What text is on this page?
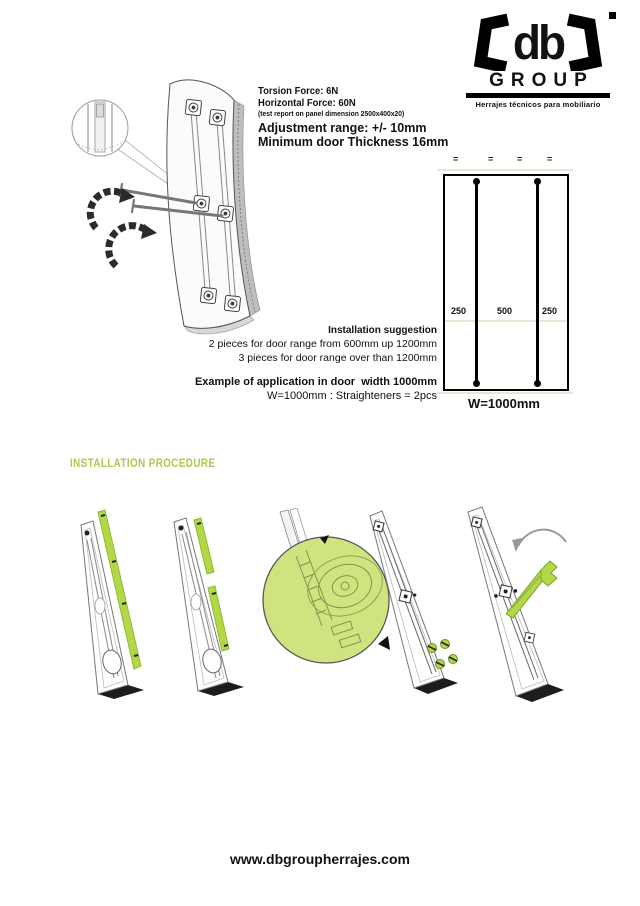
db
GROUP
Herrajes técnicos para mobiliario
Torsion Force: 6N
Horizontal Force: 60N
(test report on panel dimension 2500x400x20)
Adjustment range: +/- 10mm
Minimum door Thickness 16mm
=	=	=	=
250	500	250
W=1000mm
Installation suggestion
2 pieces for door range from 600mm up 1200mm
3 pieces for door range over than 1200mm
Example of application in door  width 1000mm
W=1000mm : Straighteners = 2pcs
INSTALLATION PROCEDURE
www.dbgroupherrajes.com
